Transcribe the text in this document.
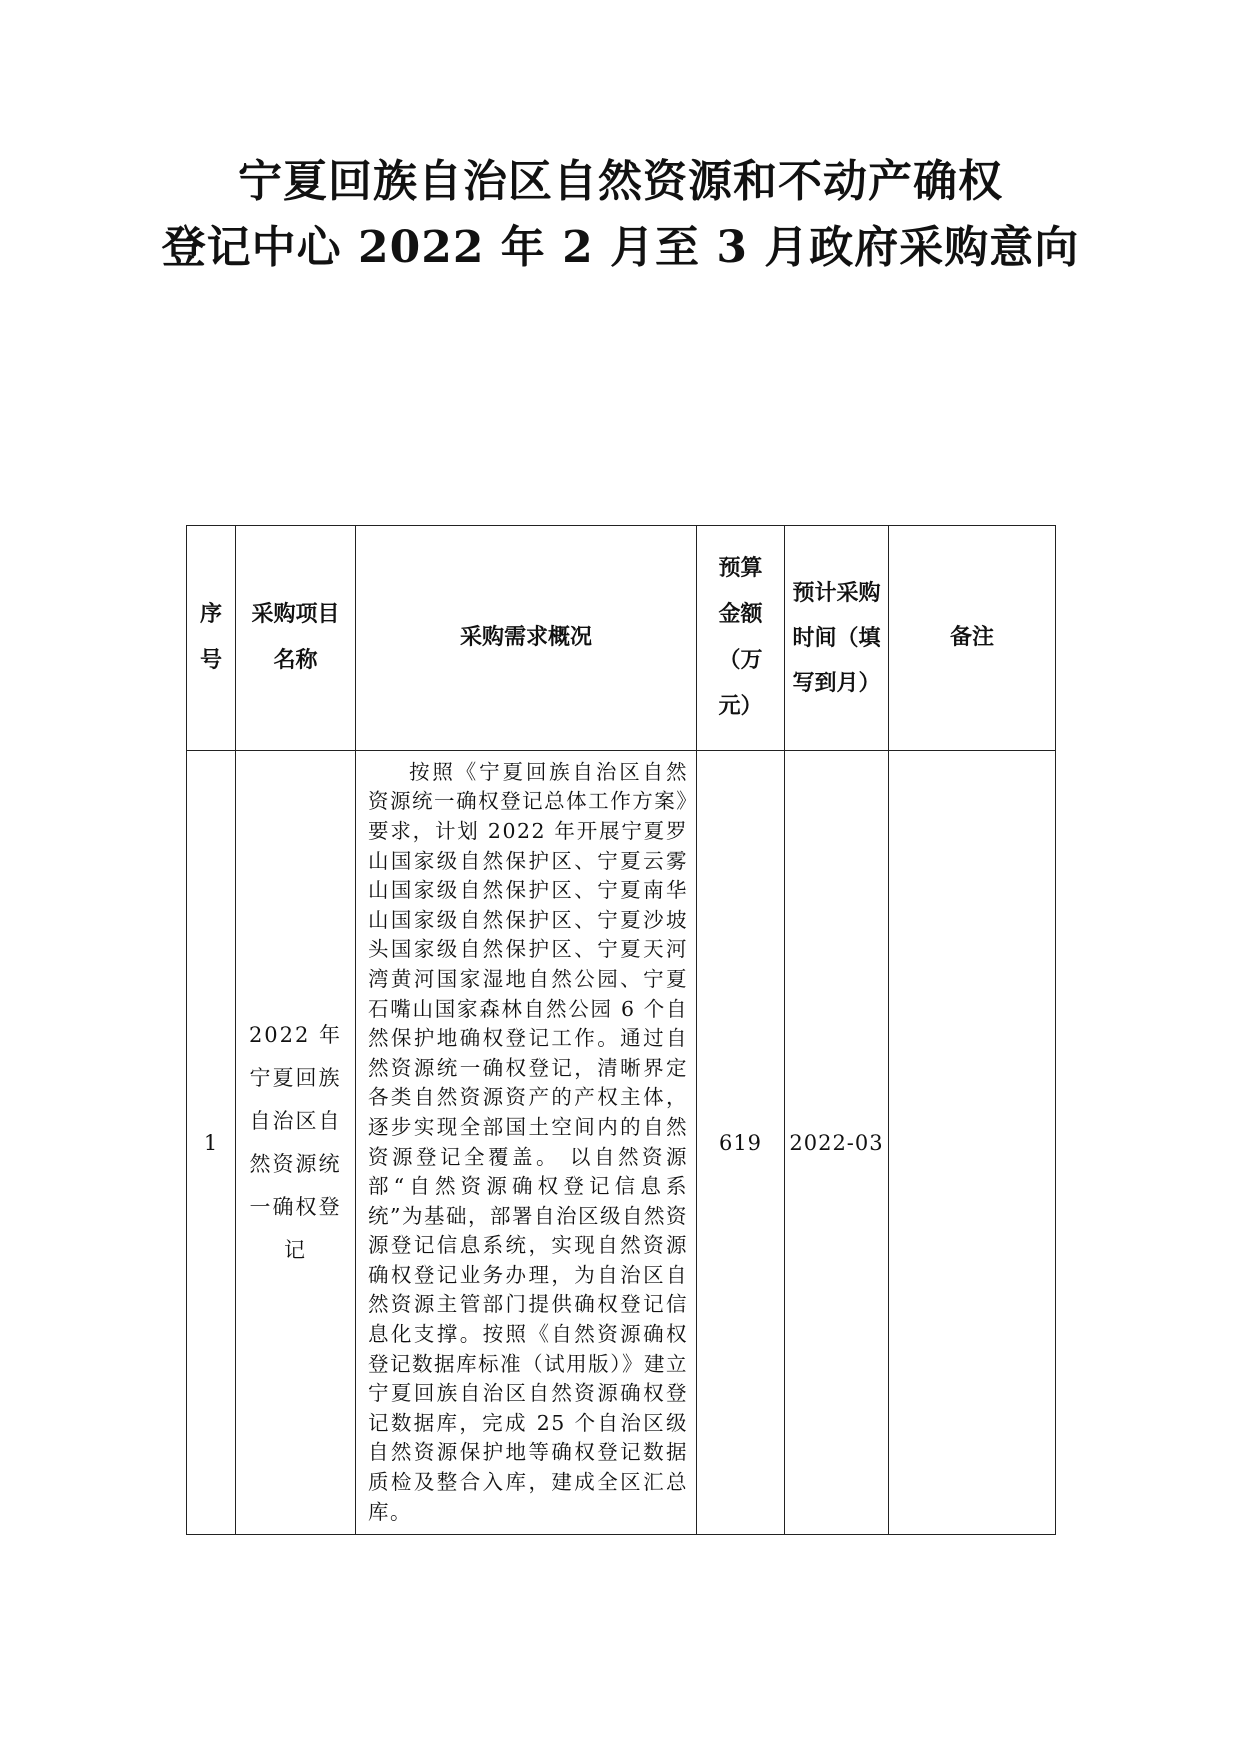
宁夏回族自治区自然资源和不动产确权
登记中心 2022 年 2 月至 3 月政府采购意向
序号	采购项目名称	采购需求概况	预算金额（万元）	预计采购时间（填写到月）	备注
1	2022 年宁夏回族自治区自然资源统一确权登记	按照《宁夏回族自治区自然资源统一确权登记总体工作方案》要求，计划 2022 年开展宁夏罗山国家级自然保护区、宁夏云雾山国家级自然保护区、宁夏南华山国家级自然保护区、宁夏沙坡头国家级自然保护区、宁夏天河湾黄河国家湿地自然公园、宁夏石嘴山国家森林自然公园 6 个自然保护地确权登记工作。通过自然资源统一确权登记，清晰界定各类自然资源资产的产权主体，逐步实现全部国土空间内的自然资源登记全覆盖。 以自然资源部“自然资源确权登记信息系统”为基础，部署自治区级自然资源登记信息系统，实现自然资源确权登记业务办理，为自治区自然资源主管部门提供确权登记信息化支撑。按照《自然资源确权登记数据库标准（试用版）》建立宁夏回族自治区自然资源确权登记数据库，完成 25 个自治区级自然资源保护地等确权登记数据质检及整合入库，建成全区汇总库。	619	2022-03	
